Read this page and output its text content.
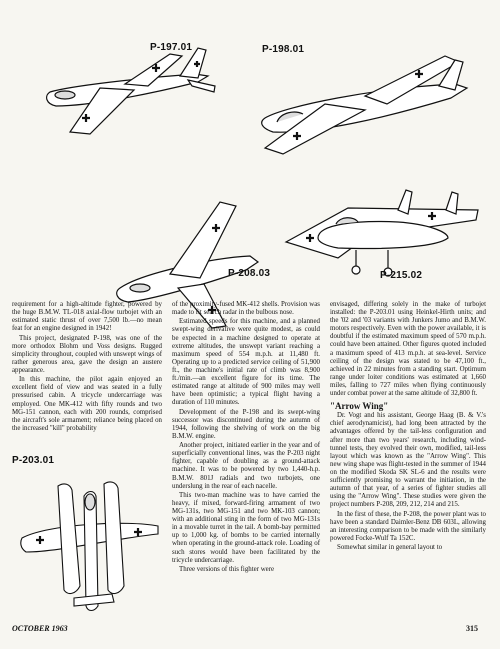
P-197.01	P-198.01
P-208.03	P-215.02
P-203.01

requirement for a high-altitude fighter, powered by the huge B.M.W. TL-018 axial-flow turbojet with an estimated static thrust of over 7,500 lb.—no mean feat for an engine designed in 1942!

This project, designated P-198, was one of the more orthodox Blohm und Voss designs. Rugged simplicity throughout, coupled with unswept wings of rather generous area, gave the design an austere appearance.

In this machine, the pilot again enjoyed an excellent field of view and was seated in a fully pressurised cabin. A tricycle undercarriage was employed. One MK-412 with fifty rounds and two MG-151 cannon, each with 200 rounds, comprised the aircraft's sole armament; reliance being placed on the increased "kill" probability

of the proximity-fused MK-412 shells. Provision was made to fit search radar in the bulbous nose.

Estimated speeds for this machine, and a planned swept-wing derivative were quite modest, as could be expected in a machine designed to operate at extreme altitudes, the unswept variant reaching a maximum speed of 554 m.p.h. at 11,480 ft. Operating up to a predicted service ceiling of 51,900 ft., the machine's initial rate of climb was 8,900 ft./min.—an excellent figure for its time. The estimated range at altitude of 900 miles may well have been optimistic; a typical flight having a duration of 110 minutes.

Development of the P-198 and its swept-wing successor was discontinued during the autumn of 1944, following the shelving of work on the big B.M.W. engine.

Another project, initiated earlier in the year and of superficially conventional lines, was the P-203 night fighter, capable of doubling as a ground-attack machine. It was to be powered by two 1,440-h.p. B.M.W. 801J radials and two turbojets, one underslung in the rear of each nacelle.

This two-man machine was to have carried the heavy, if mixed, forward-firing armament of two MG-131s, two MG-151 and two MK-103 cannon; with an additional sting in the form of two MG-131s in a movable turret in the tail. A bomb-bay permitted up to 1,000 kg. of bombs to be carried internally when operating in the ground-attack role. Loading of such stores would have been facilitated by the tricycle undercarriage.

Three versions of this fighter were

envisaged, differing solely in the make of turbojet installed: the P-203.01 using Heinkel-Hirth units; and the '02 and '03 variants with Junkers Jumo and B.M.W. motors respectively. Even with the power available, it is doubtful if the estimated maximum speed of 570 m.p.h. could have been attained. Other figures quoted included a maximum speed of 413 m.p.h. at sea-level. Service ceiling of the design was stated to be 47,100 ft., achieved in 22 minutes from a standing start. Optimum range under loiter conditions was estimated at 1,660 miles, falling to 727 miles when flying continuously under combat power at the same altitude of 32,800 ft.

"Arrow Wing"

Dr. Vogt and his assistant, George Haag (B. & V.'s chief aerodynamicist), had long been attracted by the advantages offered by the tail-less configuration and after more than two years' research, including wind-tunnel tests, they evolved their own, modified, tail-less layout which was known as the "Arrow Wing". This new wing shape was flight-tested in the summer of 1944 on the modified Skoda SK SL-6 and the results were sufficiently promising to warrant the initiation, in the autumn of that year, of a series of fighter studies all using the "Arrow Wing". These studies were given the project numbers P-208, 209, 212, 214 and 215.

In the first of these, the P-208, the power plant was to have been a standard Daimler-Benz DB 603L, allowing an interesting comparison to be made with the similarly powered Focke-Wulf Ta 152C.

Somewhat similar in general layout to

OCTOBER 1963	315
